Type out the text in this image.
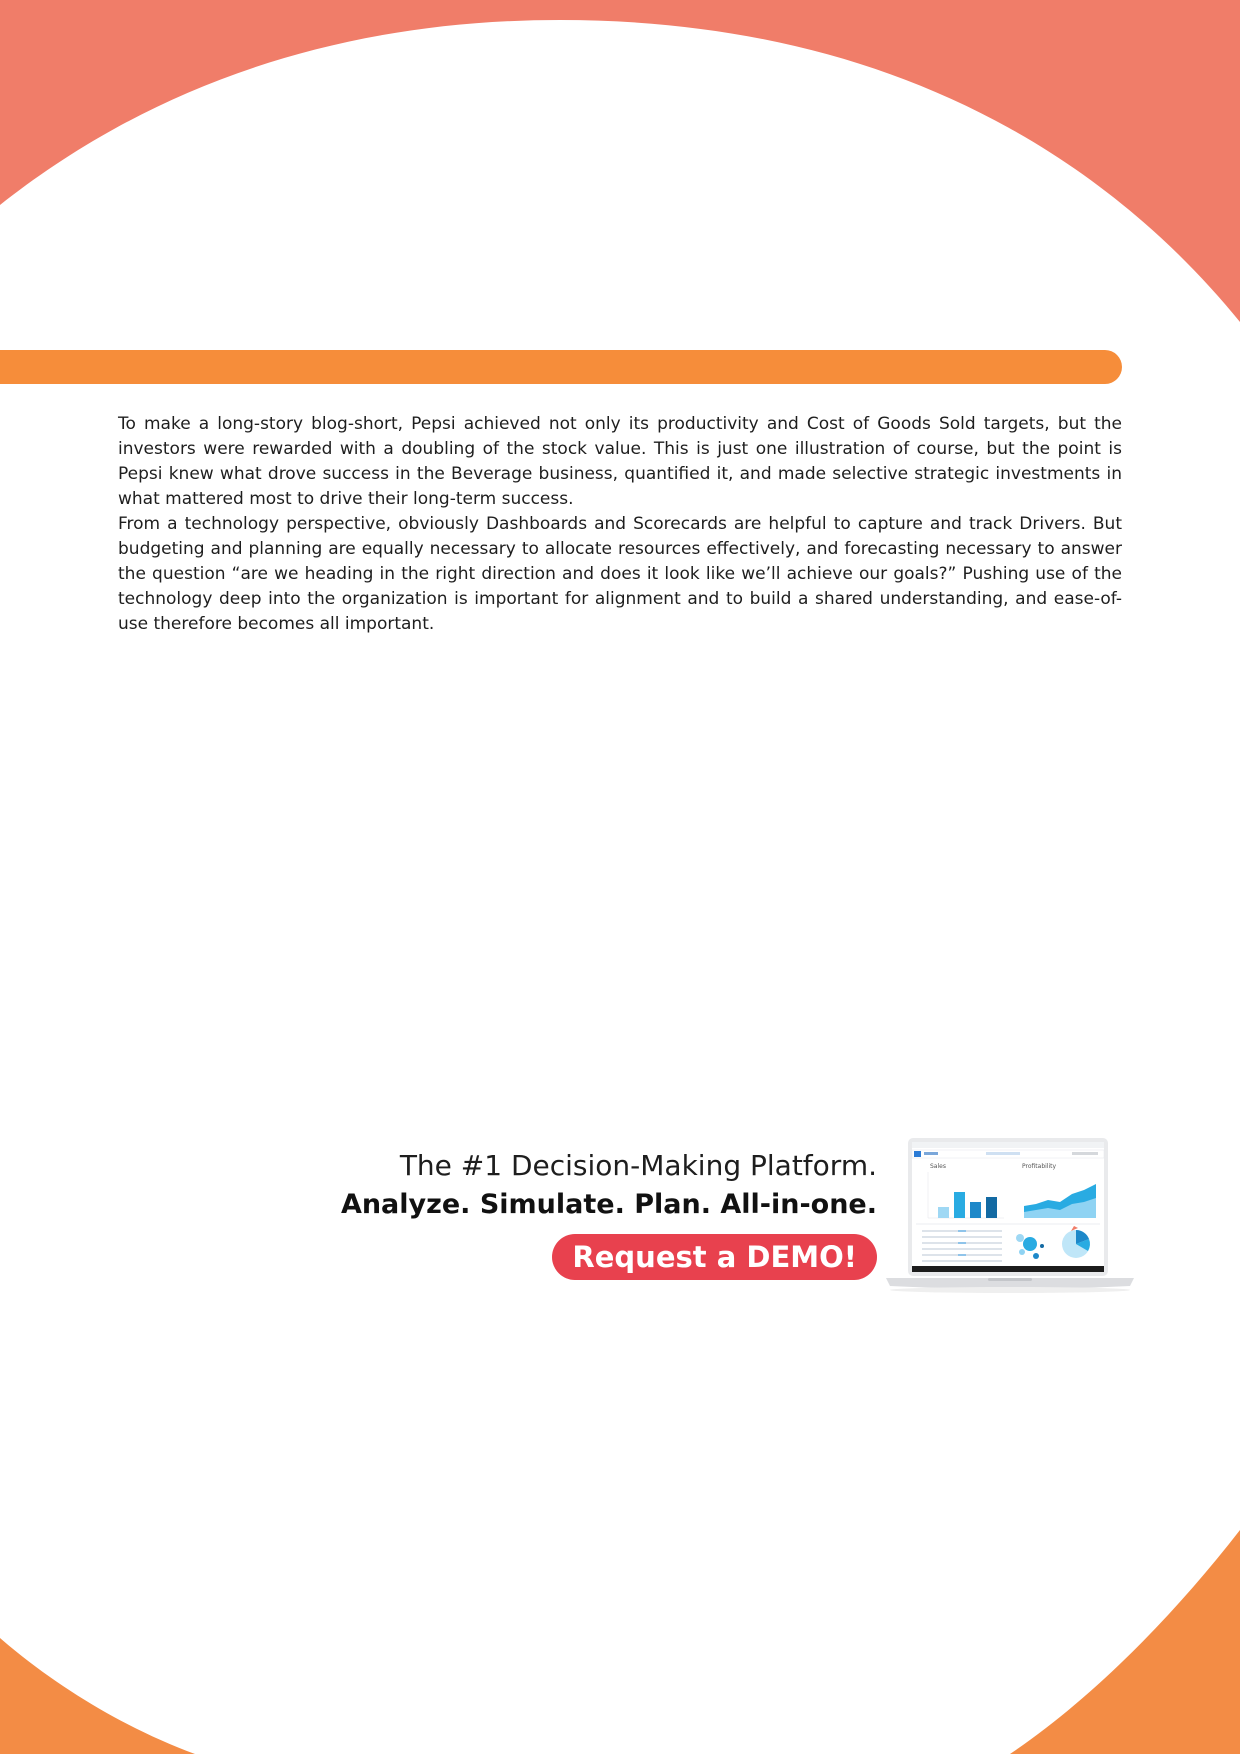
To make a long-story blog-short, Pepsi achieved not only its productivity and Cost of Goods Sold targets, but the investors were rewarded with a doubling of the stock value. This is just one illustration of course, but the point is Pepsi knew what drove success in the Beverage business, quantified it, and made selective strategic investments in what mattered most to drive their long-term success.

From a technology perspective, obviously Dashboards and Scorecards are helpful to capture and track Drivers. But budgeting and planning are equally necessary to allocate resources effectively, and forecasting necessary to answer the question “are we heading in the right direction and does it look like we’ll achieve our goals?” Pushing use of the technology deep into the organization is important for alignment and to build a shared understanding, and ease-of-use therefore becomes all important.

The #1 Decision-Making Platform.
Analyze. Simulate. Plan. All-in-one.
Request a DEMO!
Sales	Profitability
